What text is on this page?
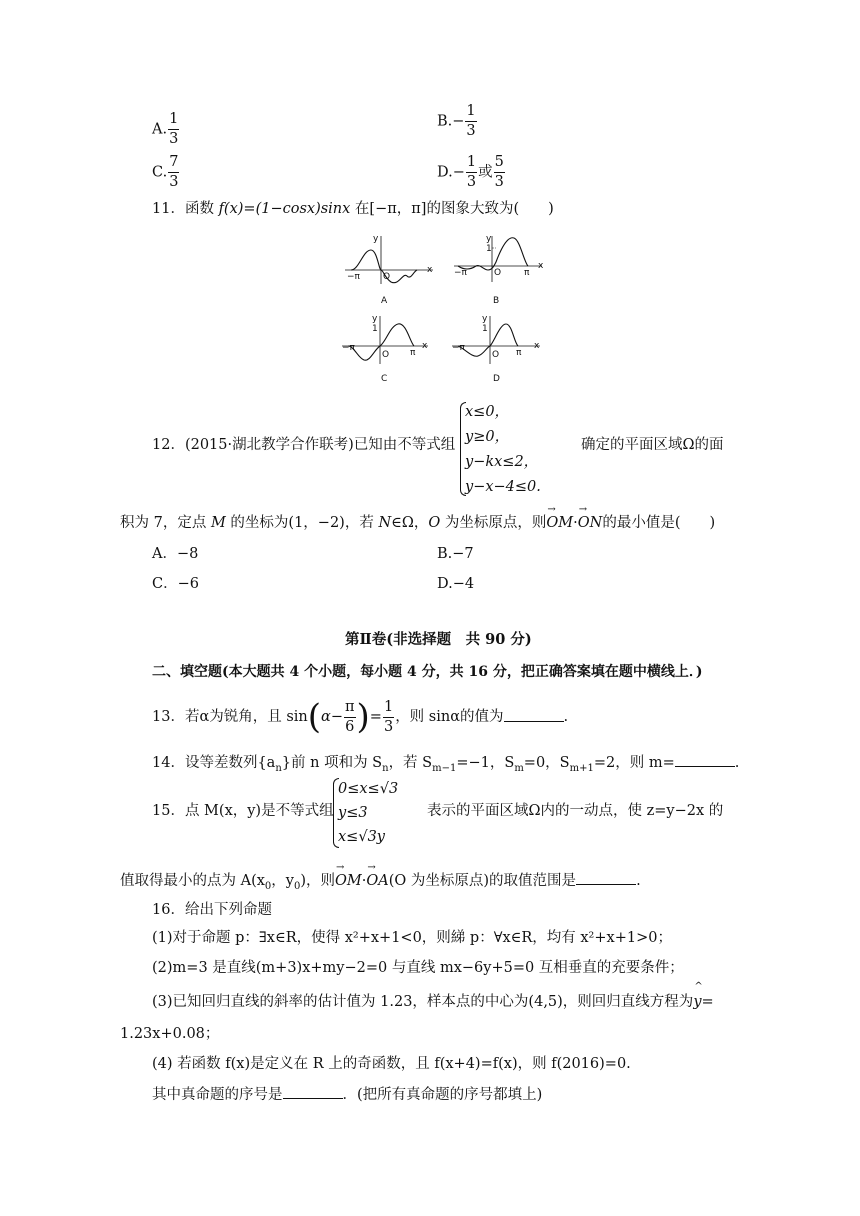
A. $\frac{1}{3}$	$B.- \frac{1}{3}$
C. $\frac{7}{3}$	$D.- \frac{1}{3}$ 或 $\frac{5}{3}$
11．函数 f(x)=(1−cosx)sinx 在[−π，π]的图象大致为(　　)
y
−π	O
x
A
y
1
−π	O	π
x
B
y
1
−π
O π
x
C
y
1
−π
O π
x
D
12．(2015·湖北教学合作联考)已知由不等式组
x≤0，
y≥0，
y−kx≤2，
y−x−4≤0.
确定的平面区域Ω的面
积为 7，定点 M 的坐标为(1，−2)，若 N∈Ω，O 为坐标原点，则→ OM·→ ON的最小值是(　　)
A．−8	B.−7
C．−6	D.−4
第Ⅱ卷(非选择题　共 90 分)
二、填空题(本大题共 4 个小题，每小题 4 分，共 16 分，把正确答案填在题中横线上．)
13．若α为锐角，且 $\sin(\alpha- \frac{\pi}{6}$ )= $\frac{1}{3}$ ，则 sinα的值为	.
14．设等差数列$\{a_n\}$前 n 项和为 $S_n$，若 $S_{m-1}=-1$，$S_m=0$，$S_{m+1}=2$，则 m=	.
15．点 M(x，y)是不等式组
0≤x≤√3
y≤3
x≤√3y
表示的平面区域Ω内的一动点，使 z=y−2x 的
值取得最小的点为 $A(x_0$，$y_0$)，则→ OM·→ OA(O 为坐标原点)的取值范围是	.
16．给出下列命题
(1)对于命题 p：∃x∈R，使得 x²+x+1<0，则綈 p：∀x∈R，均有 x²+x+1>0；
(2)m=3 是直线(m+3)x+my−2=0 与直线 mx−6y+5=0 互相垂直的充要条件；
(3)已知回归直线的斜率的估计值为 1.23，样本点的中心为(4,5)，则回归直线方程为
^
y=
1.23x+0.08；
(4) 若函数 f(x)是定义在 R 上的奇函数，且 f(x+4)=f(x)，则 f(2016)=0.
其中真命题的序号是	．(把所有真命题的序号都填上)
